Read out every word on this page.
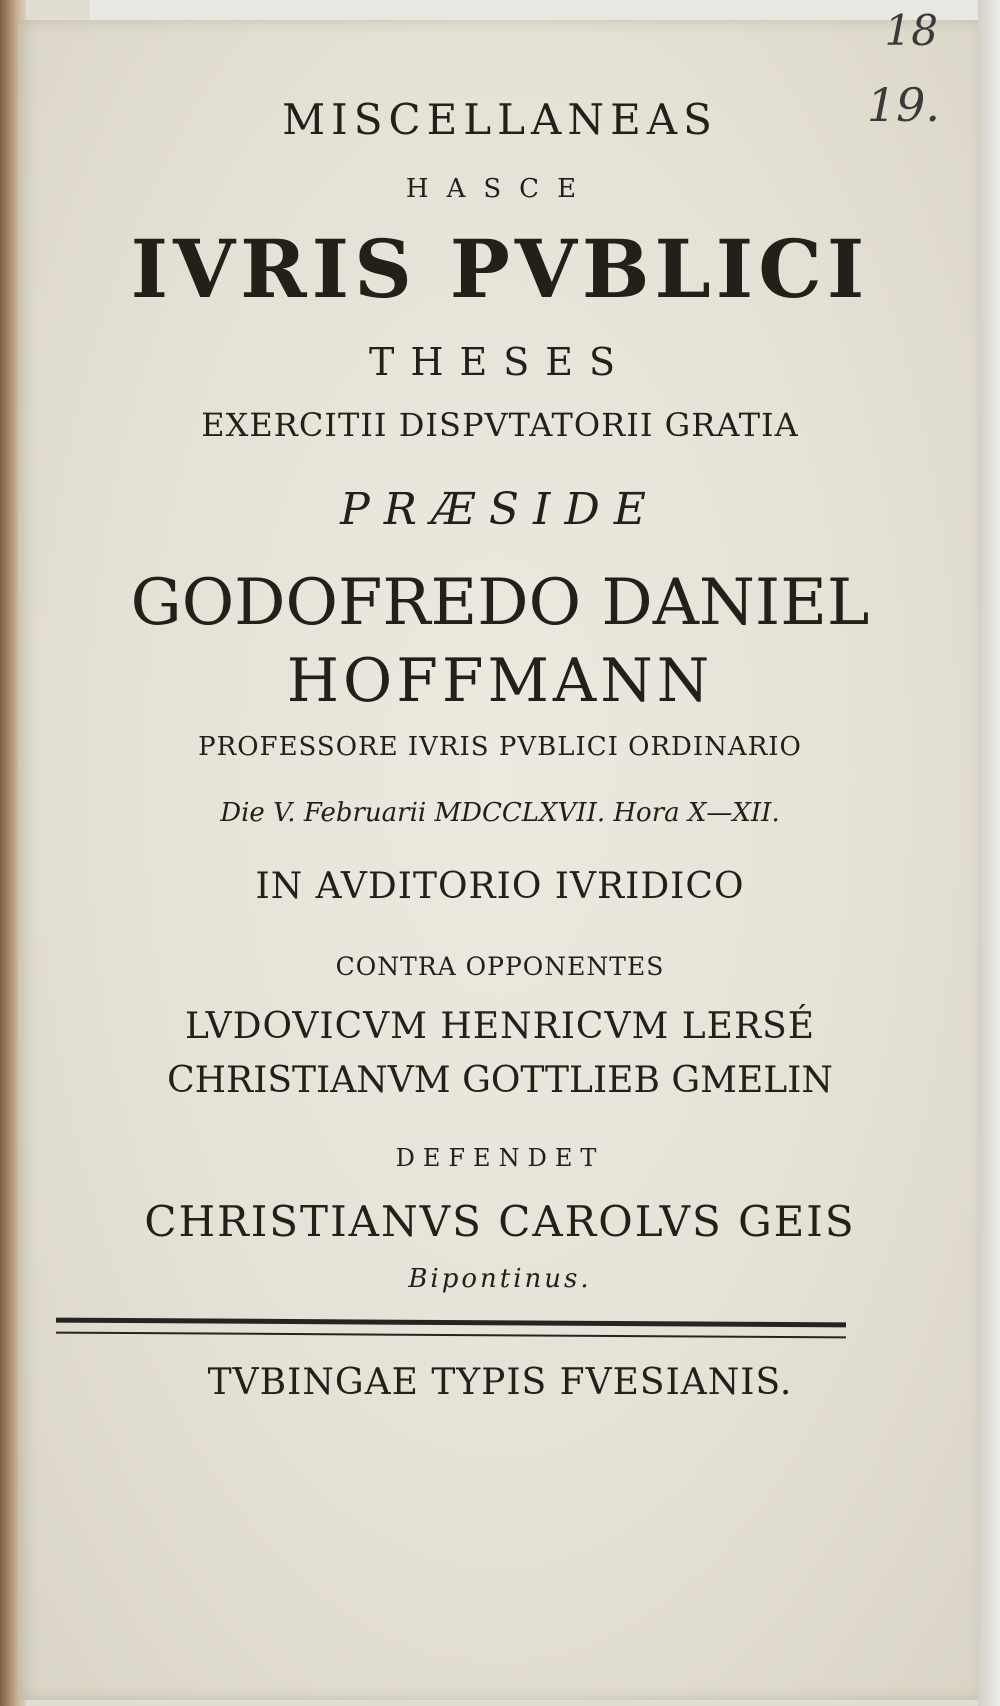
18
19.
MISCELLANEAS
HASCE
IVRIS PVBLICI
THESES
EXERCITII DISPVTATORII GRATIA
PRÆSIDE
GODOFREDO DANIEL
HOFFMANN
PROFESSORE IVRIS PVBLICI ORDINARIO
Die V. Februarii MDCCLXVII. Hora X—XII.
IN AVDITORIO IVRIDICO
CONTRA OPPONENTES
LVDOVICVM HENRICVM LERSÉ
CHRISTIANVM GOTTLIEB GMELIN
DEFENDET
CHRISTIANVS CAROLVS GEIS
Bipontinus.
TVBINGAE TYPIS FVESIANIS.
